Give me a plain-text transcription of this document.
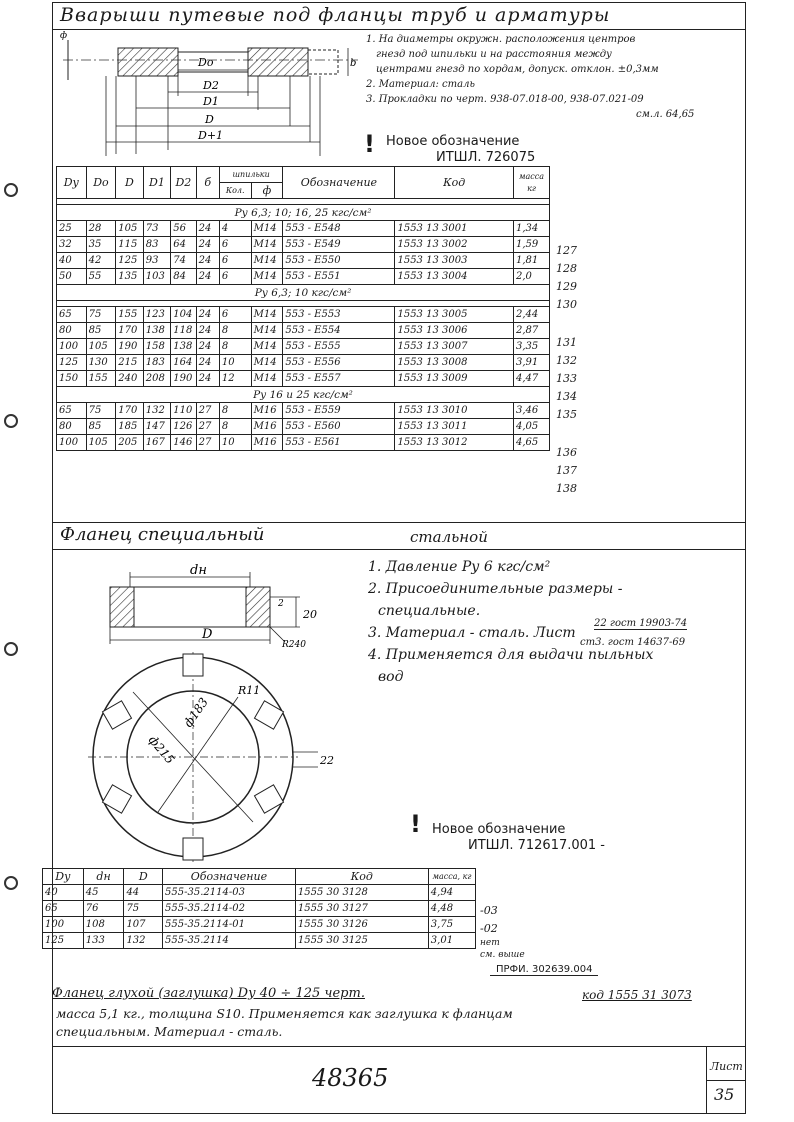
Вварыши путевые под фланцы труб и арматуры
Dо
D2
D1
D
D+1
b
ф	1. На диаметры окружн. расположения центров
гнезд под шпильки и на расстояния между
центрами гнезд по хордам, допуск. отклон. ±0,3мм
2. Материал: сталь
3. Прокладки по черт. 938-07.018-00, 938-07.021-09
см.л. 64,65
! Новое обозначение
ИТШЛ. 726075
Dу	Dо	D	D1	D2	б	шпильки		Обозначение	Код	масса кг
						Кол.	ф			

Ру 6,3; 10; 16, 25 кгс/см²										
25	28	105	73	56	24	4	М14	553 - Е548	1553 13 3001	1,34
32	35	115	83	64	24	6	М14	553 - Е549	1553 13 3002	1,59
40	42	125	93	74	24	6	М14	553 - Е550	1553 13 3003	1,81
50	55	135	103	84	24	6	М14	553 - Е551	1553 13 3004	2,0
Ру 6,3; 10 кгс/см²										

65	75	155	123	104	24	6	М14	553 - Е553	1553 13 3005	2,44
80	85	170	138	118	24	8	М14	553 - Е554	1553 13 3006	2,87
100	105	190	158	138	24	8	М14	553 - Е555	1553 13 3007	3,35
125	130	215	183	164	24	10	М14	553 - Е556	1553 13 3008	3,91
150	155	240	208	190	24	12	М14	553 - Е557	1553 13 3009	4,47
Ру 16 и 25 кгс/см²										
65	75	170	132	110	27	8	М16	553 - Е559	1553 13 3010	3,46
80	85	185	147	126	27	8	М16	553 - Е560	1553 13 3011	4,05
100	105	205	167	146	27	10	М16	553 - Е561	1553 13 3012	4,65
127
128
129
130
131
132
133
134
135
136
137
138
Фланец специальный	стальной
dн
D
20
2
R240
ф215
ф183
R11
22
1. Давление Ру 6 кгс/см²
2. Присоединительные размеры -
специальные.
3. Материал - сталь. Лист
4. Применяется для выдачи пыльных
вод
22 гост 19903-74
ст3. гост 14637-69
! Новое обозначение
ИТШЛ. 712617.001 -
Dу	dн	D	Обозначение	Код	масса, кг
40	45	44	555-35.2114-03	1555 30 3128	4,94
65	76	75	555-35.2114-02	1555 30 3127	4,48
100	108	107	555-35.2114-01	1555 30 3126	3,75
125	133	132	555-35.2114	1555 30 3125	3,01
-03
-02
нет
см. выше
ПРФИ. 302639.004
Фланец глухой (заглушка) Dу 40 ÷ 125 черт.	код 1555 31 3073
масса 5,1 кг., толщина S10. Применяется как заглушка к фланцам
специальным. Материал - сталь.
48365	Лист
35
